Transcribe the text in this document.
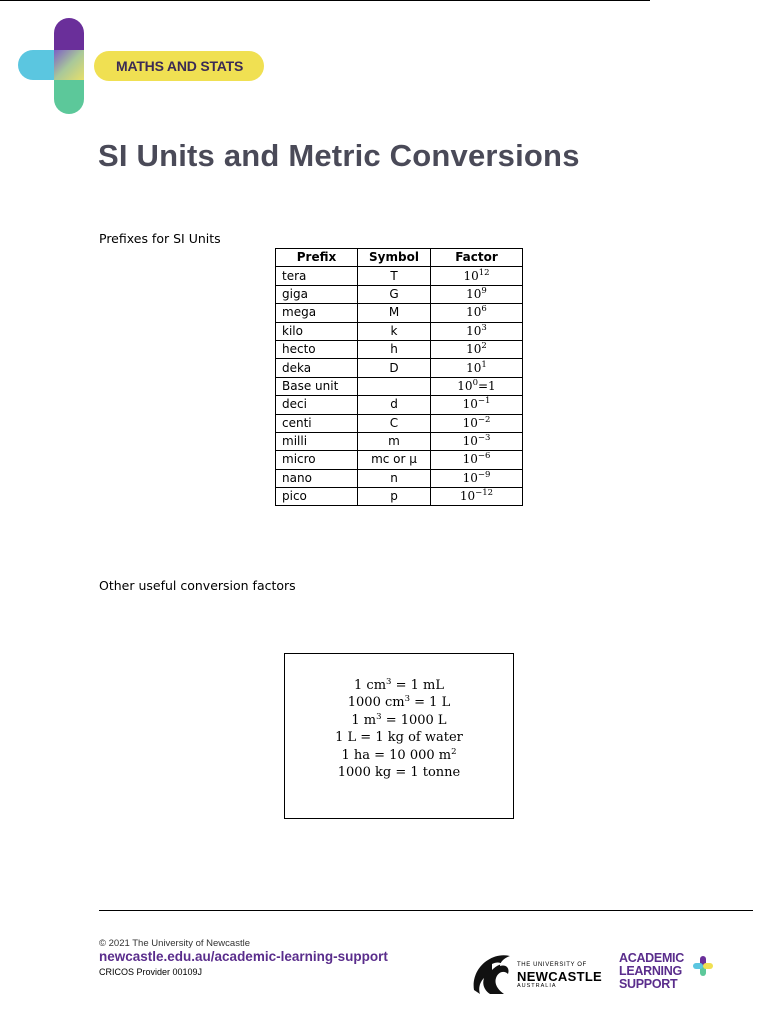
MATHS AND STATS
SI Units and Metric Conversions
Prefixes for SI Units
Prefix	Symbol	Factor
tera	T	$10^{12}$
giga	G	$10^9$
mega	M	$10^6$
kilo	k	$10^3$
hecto	h	$10^2$
deka	D	$10^1$
Base unit		$10^0=1$
deci	d	$10^{-1}$
centi	C	$10^{-2}$
milli	m	$10^{-3}$
micro	mc or μ	$10^{-6}$
nano	n	$10^{-9}$
pico	p	$10^{-12}$
Other useful conversion factors
1 $cm^3 = 1$ mL
1000 $cm^3 = 1$ L
1 $m^3 = 1000$ L
1 L = 1 kg of water
1 ha = 10 000 $m^2$
1000 kg = 1 tonne
© 2021 The University of Newcastle
newcastle.edu.au/academic-learning-support
CRICOS Provider 00109J
THE UNIVERSITY OF
NEWCASTLE
AUSTRALIA
ACADEMIC
LEARNING
SUPPORT
